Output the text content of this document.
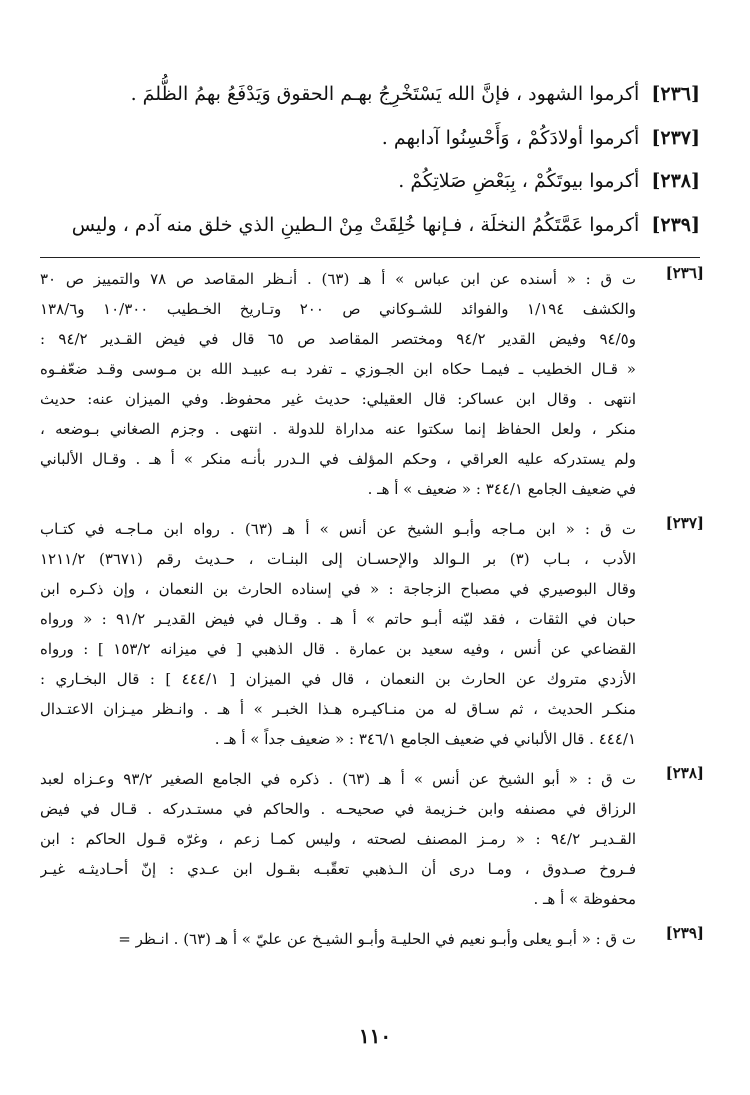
[٢٣٦] أكرموا الشهود ، فإنَّ الله يَسْتَخْرِجُ بهـم الحقوق وَيَدْفَعُ بهمُ الظُّلمَ .
[٢٣٧] أكرموا أولادَكُمْ ، وَأَحْسِنُوا آدابهم .
[٢٣٨] أكرموا بيوتَكُمْ ، بِبَعْضِ صَلاتِكُمْ .
[٢٣٩] أكرموا عَمَّتَكُمُ النخلَة ، فـإنها خُلِقَتْ مِنْ الـطينِ الذي خلق منه آدم ، وليس
[٢٣٦]
ت ق : « أسنده عن ابن عباس » أ هـ (٦٣) . أنـظر المقاصد ص ٧٨ والتمييز ص ٣٠
والكشف ١/١٩٤ والفوائد للشـوكاني ص ٢٠٠ وتـاريخ الخـطيب ١٠/٣٠٠ و١٣٨/٦
و٩٤/٥ وفيض القدير ٩٤/٢ ومختصر المقاصد ص ٦٥ قال في فيض القـدير ٩٤/٢ :
« قـال الخطيب ـ فيمـا حكاه ابن الجـوزي ـ تفرد بـه عبيـد الله بن مـوسى وقـد ضعّفـوه
انتهى . وقال ابن عساكر: قال العقيلي: حديث غير محفوظ. وفي الميزان عنه: حديث
منكر ، ولعل الحفاظ إنما سكتوا عنه مداراة للدولة . انتهى . وجزم الصغاني بـوضعه ،
ولم يستدركه عليه العراقي ، وحكم المؤلف في الـدرر بأنـه منكر » أ هـ . وقـال الألباني
في ضعيف الجامع ٣٤٤/١ : « ضعيف » أ هـ .
[٢٣٧]
ت ق : « ابن مـاجه وأبـو الشيخ عن أنس » أ هـ (٦٣) . رواه ابن مـاجـه في كتـاب
الأدب ، بـاب (٣) بر الـوالد والإحسـان إلى البنـات ، حـديث رقم (٣٦٧١) ١٢١١/٢
وقال البوصيري في مصباح الزجاجة : « في إسناده الحارث بن النعمان ، وإن ذكـره ابن
حبان في الثقات ، فقد ليّنه أبـو حاتم » أ هـ . وقـال في فيض القديـر ٩١/٢ : « ورواه
القضاعي عن أنس ، وفيه سعيد بن عمارة . قال الذهبي [ في ميزانه ١٥٣/٢ ] : ورواه
الأزدي متروك عن الحارث بن النعمان ، قال في الميزان [ ٤٤٤/١ ] : قال البخـاري :
منكـر الحديث ، ثم سـاق له من منـاكيـره هـذا الخبـر » أ هـ . وانـظر ميـزان الاعتـدال
٤٤٤/١ . قال الألباني في ضعيف الجامع ٣٤٦/١ : « ضعيف جداً » أ هـ .
[٢٣٨]
ت ق : « أبو الشيخ عن أنس » أ هـ (٦٣) . ذكره في الجامع الصغير ٩٣/٢ وعـزاه لعبد
الرزاق في مصنفه وابن خـزيمة في صحيحـه . والحاكم في مستـدركه . قـال في فيض
القـديـر ٩٤/٢ : « رمـز المصنف لصحته ، وليس كمـا زعم ، وغرّه قـول الحاكم : ابن
فـروخ صـدوق ، ومـا درى أن الـذهبي تعقّبـه بقـول ابن عـدي : إنّ أحـاديثـه غيـر
محفوظة » أ هـ .
[٢٣٩]
ت ق : « أبـو يعلى وأبـو نعيم في الحليـة وأبـو الشيـخ عن عليّ » أ هـ (٦٣) . انـظر =
١١٠
